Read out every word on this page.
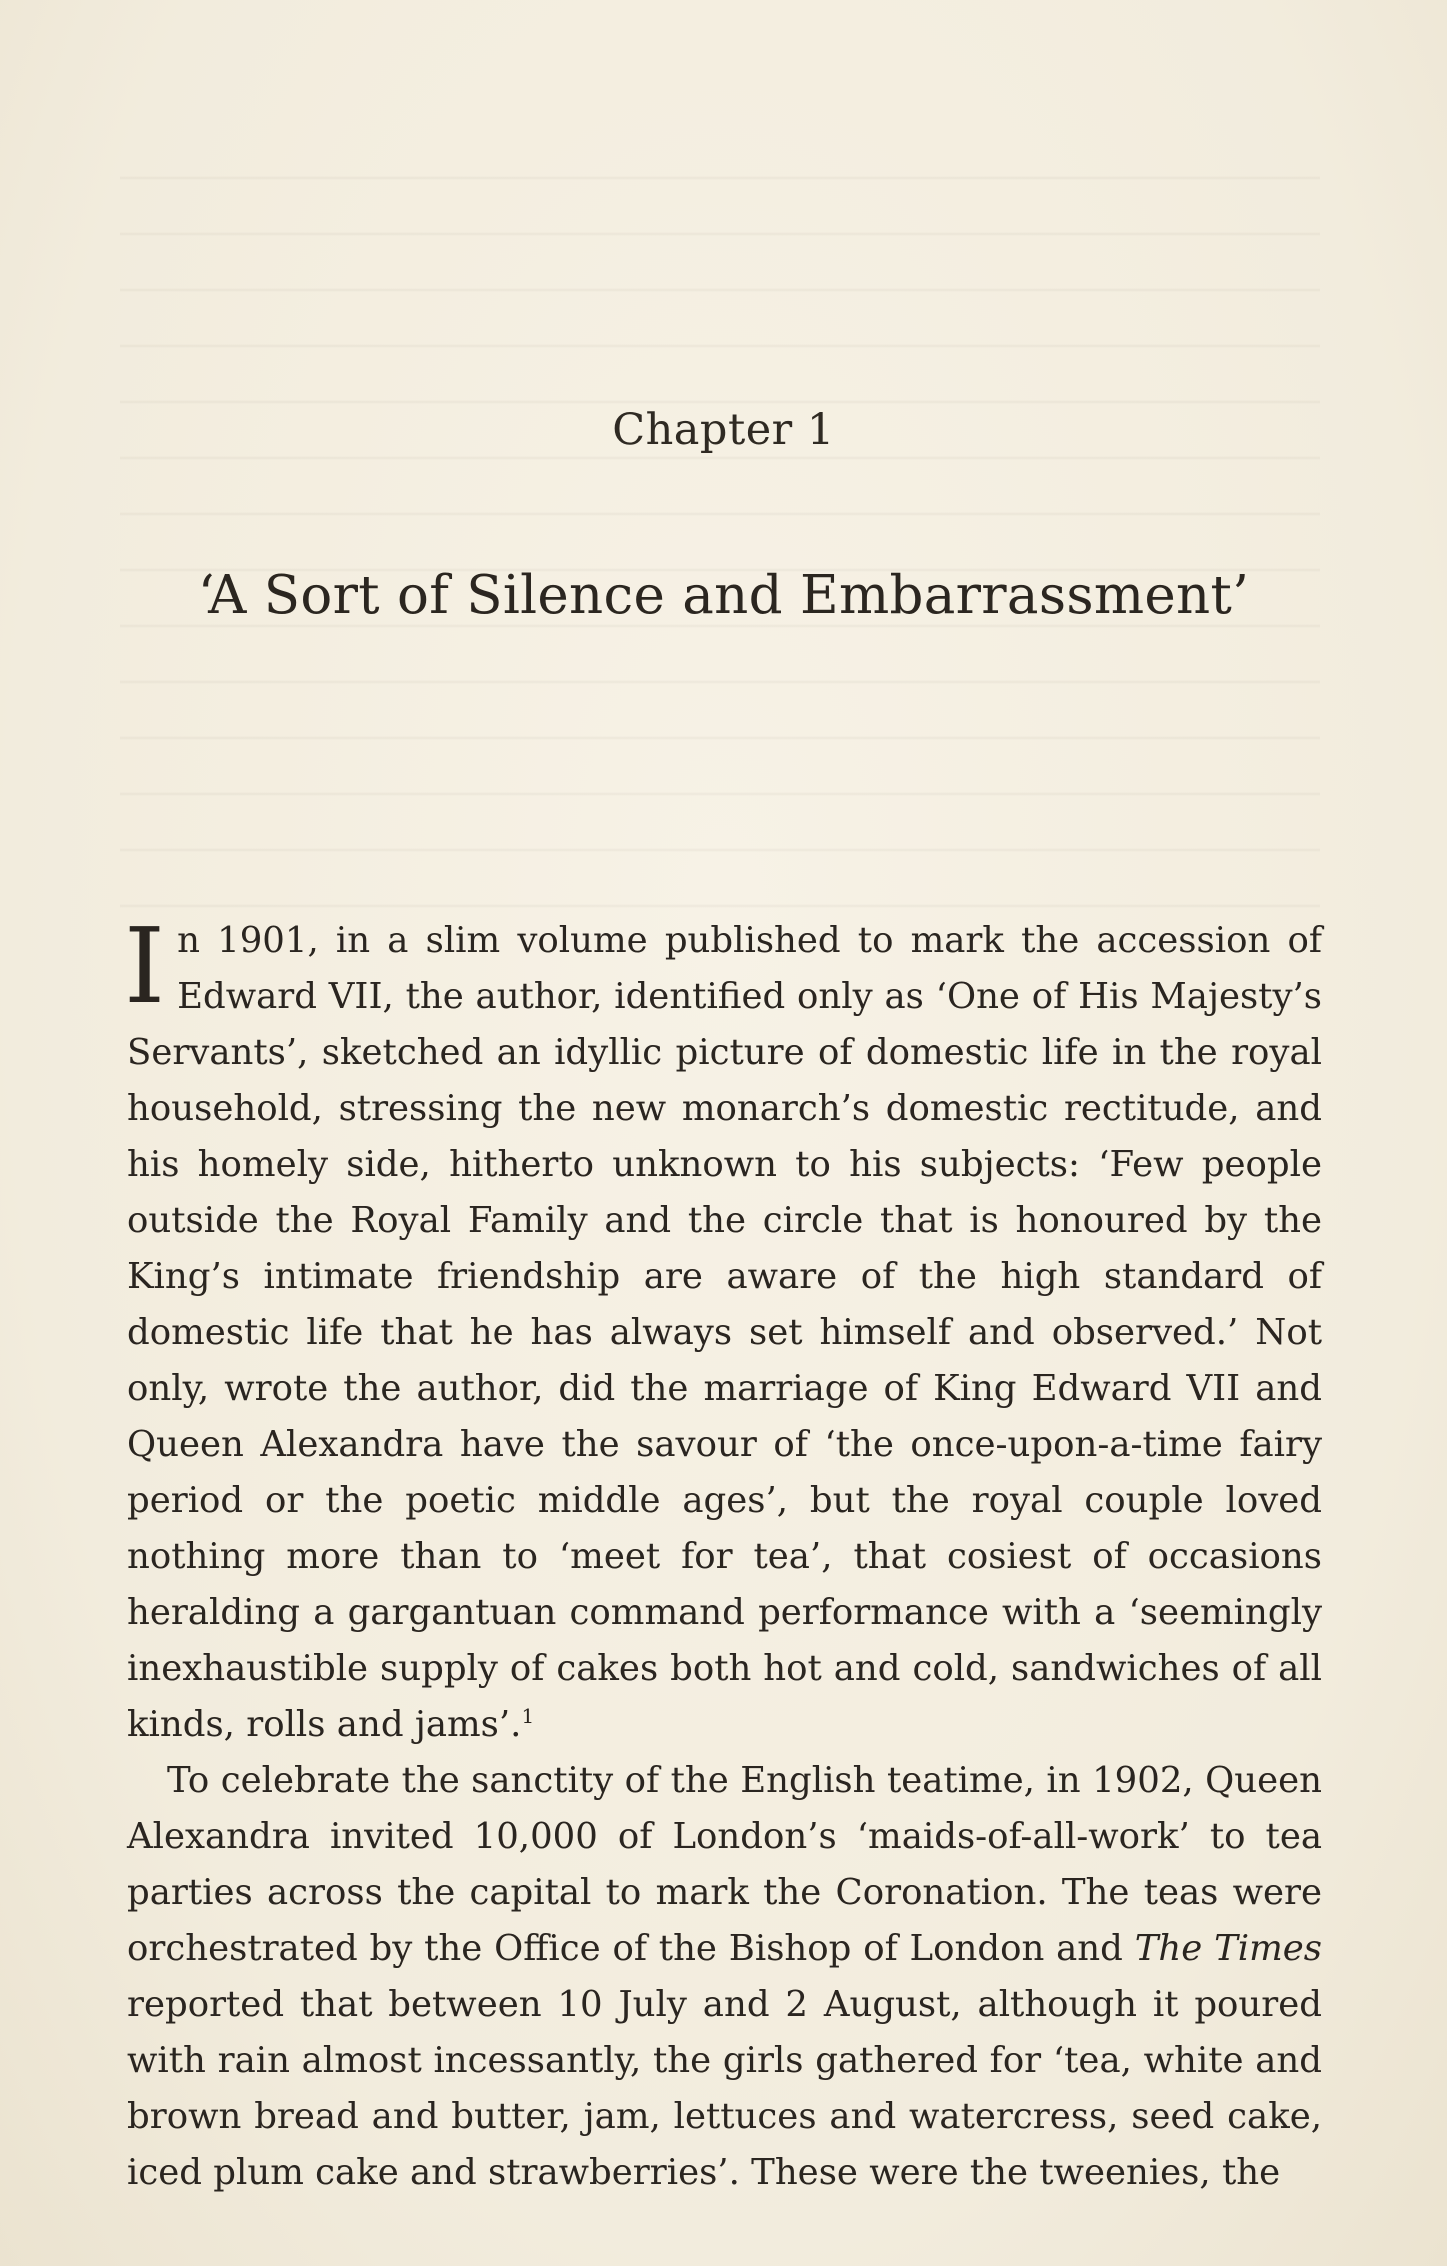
Chapter 1
‘A Sort of Silence and Embarrassment’

In 1901, in a slim volume published to mark the accession of Edward VII, the author, identified only as ‘One of His Majesty’s Servants’, sketched an idyllic picture of domestic life in the royal household, stressing the new monarch’s domestic rectitude, and his homely side, hitherto unknown to his subjects: ‘Few people outside the Royal Family and the circle that is honoured by the King’s intimate friendship are aware of the high standard of domestic life that he has always set himself and observed.’ Not only, wrote the author, did the marriage of King Edward VII and Queen Alexandra have the savour of ‘the once-upon-a-time fairy period or the poetic middle ages’, but the royal couple loved nothing more than to ‘meet for tea’, that cosiest of occasions heralding a gargantuan command performance with a ‘seemingly inexhaustible supply of cakes both hot and cold, sandwiches of all kinds, rolls and jams’.$^1$

To celebrate the sanctity of the English teatime, in 1902, Queen Alexandra invited 10,000 of London’s ‘maids-of-all-work’ to tea parties across the capital to mark the Coronation. The teas were orchestrated by the Office of the Bishop of London and The Times reported that between 10 July and 2 August, although it poured with rain almost incessantly, the girls gathered for ‘tea, white and brown bread and butter, jam, lettuces and watercress, seed cake, iced plum cake and strawberries’. These were the tweenies, the
